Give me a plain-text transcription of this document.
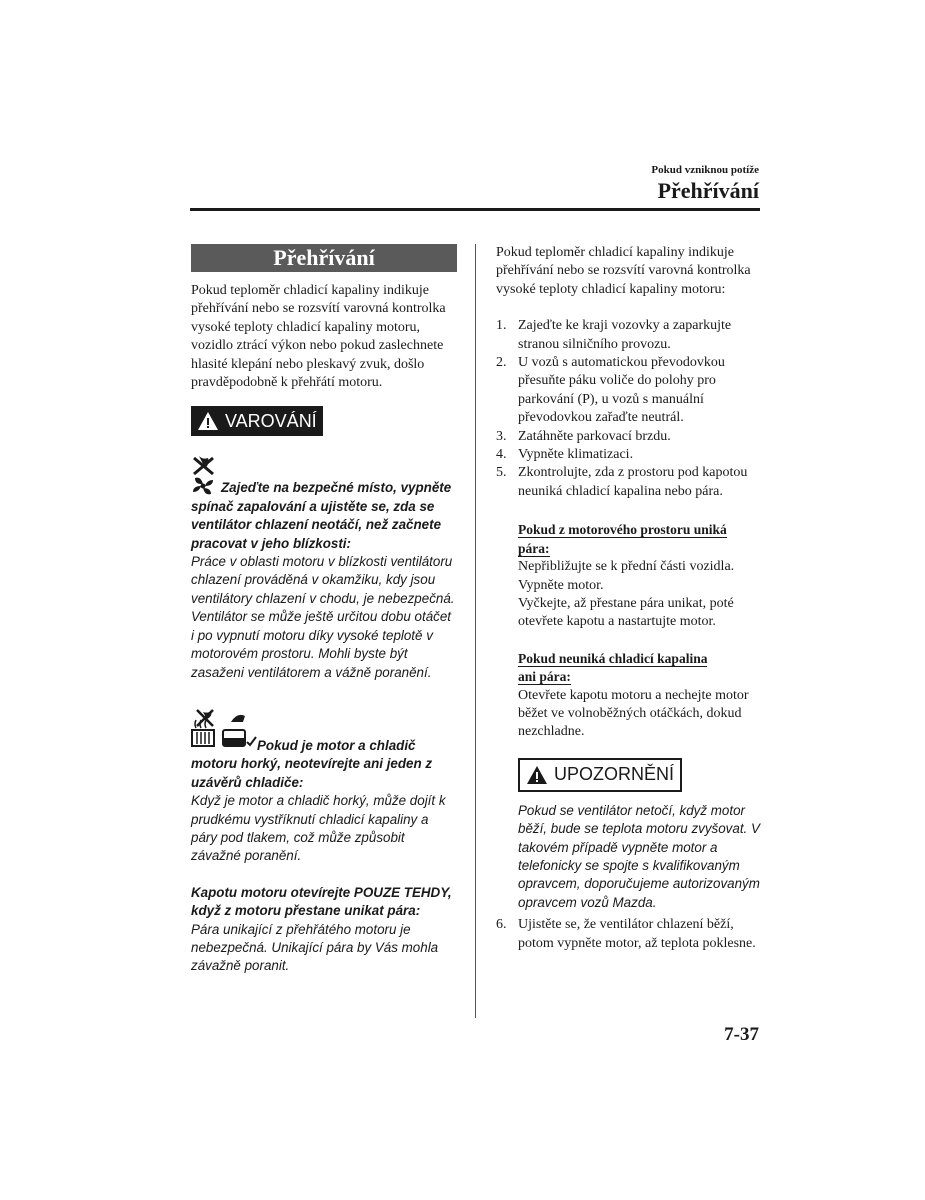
Pokud vzniknou potíže
Přehřívání
Přehřívání
Pokud teploměr chladicí kapaliny indikuje přehřívání nebo se rozsvítí varovná kontrolka vysoké teploty chladicí kapaliny motoru, vozidlo ztrácí výkon nebo pokud zaslechnete hlasité klepání nebo pleskavý zvuk, došlo pravděpodobně k přehřátí motoru.
VAROVÁNÍ
Zajeďte na bezpečné místo, vypněte spínač zapalování a ujistěte se, zda se ventilátor chlazení neotáčí, než začnete pracovat v jeho blízkosti:
Práce v oblasti motoru v blízkosti ventilátoru chlazení prováděná v okamžiku, kdy jsou ventilátory chlazení v chodu, je nebezpečná. Ventilátor se může ještě určitou dobu otáčet i po vypnutí motoru díky vysoké teplotě v motorovém prostoru. Mohli byste být zasaženi ventilátorem a vážně poranění.
Pokud je motor a chladič motoru horký, neotevírejte ani jeden z uzávěrů chladiče:
Když je motor a chladič horký, může dojít k prudkému vystříknutí chladicí kapaliny a páry pod tlakem, což může způsobit závažné poranění.
Kapotu motoru otevírejte POUZE TEHDY, když z motoru přestane unikat pára:
Pára unikající z přehřátého motoru je nebezpečná. Unikající pára by Vás mohla závažně poranit.
Pokud teploměr chladicí kapaliny indikuje přehřívání nebo se rozsvítí varovná kontrolka vysoké teploty chladicí kapaliny motoru:
1. Zajeďte ke kraji vozovky a zaparkujte stranou silničního provozu.
2. U vozů s automatickou převodovkou přesuňte páku voliče do polohy pro parkování (P), u vozů s manuální převodovkou zařaďte neutrál.
3. Zatáhněte parkovací brzdu.
4. Vypněte klimatizaci.
5. Zkontrolujte, zda z prostoru pod kapotou neuniká chladicí kapalina nebo pára.
Pokud z motorového prostoru uniká
pára:
Nepřibližujte se k přední části vozidla. Vypněte motor.
Vyčkejte, až přestane pára unikat, poté otevřete kapotu a nastartujte motor.
Pokud neuniká chladicí kapalina
ani pára:
Otevřete kapotu motoru a nechejte motor běžet ve volnoběžných otáčkách, dokud nezchladne.
UPOZORNĚNÍ
Pokud se ventilátor netočí, když motor běží, bude se teplota motoru zvyšovat. V takovém případě vypněte motor a telefonicky se spojte s kvalifikovaným opravcem, doporučujeme autorizovaným opravcem vozů Mazda.
6. Ujistěte se, že ventilátor chlazení běží, potom vypněte motor, až teplota poklesne.
7-37
